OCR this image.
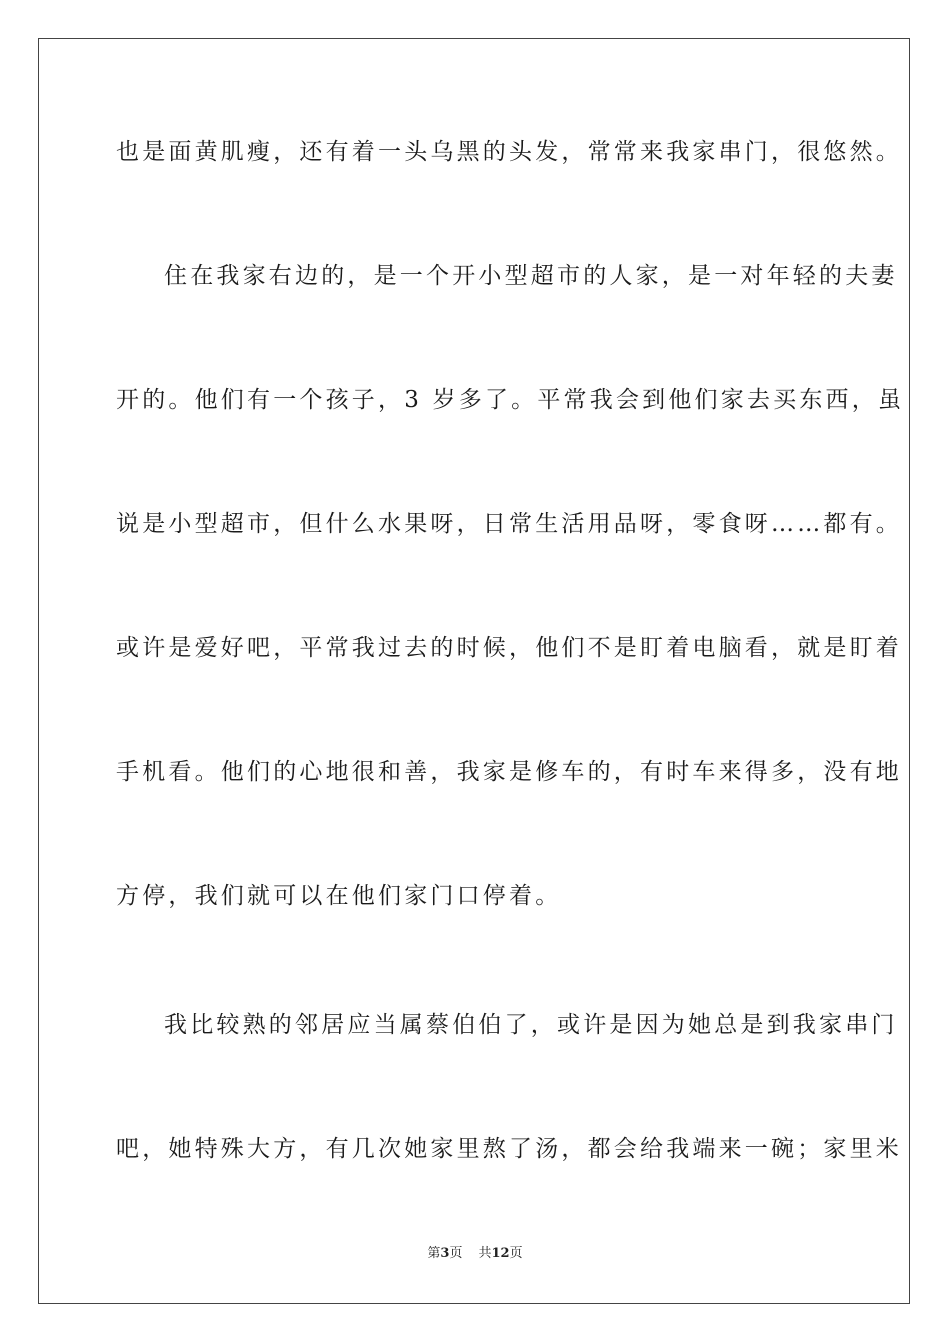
也是面黄肌瘦，还有着一头乌黑的头发，常常来我家串门，很悠然。
住在我家右边的，是一个开小型超市的人家，是一对年轻的夫妻
开的。他们有一个孩子，3 岁多了。平常我会到他们家去买东西，虽
说是小型超市，但什么水果呀，日常生活用品呀，零食呀……都有。
或许是爱好吧，平常我过去的时候，他们不是盯着电脑看，就是盯着
手机看。他们的心地很和善，我家是修车的，有时车来得多，没有地
方停，我们就可以在他们家门口停着。
我比较熟的邻居应当属蔡伯伯了，或许是因为她总是到我家串门
吧，她特殊大方，有几次她家里熬了汤，都会给我端来一碗；家里米
第3页 共12页
